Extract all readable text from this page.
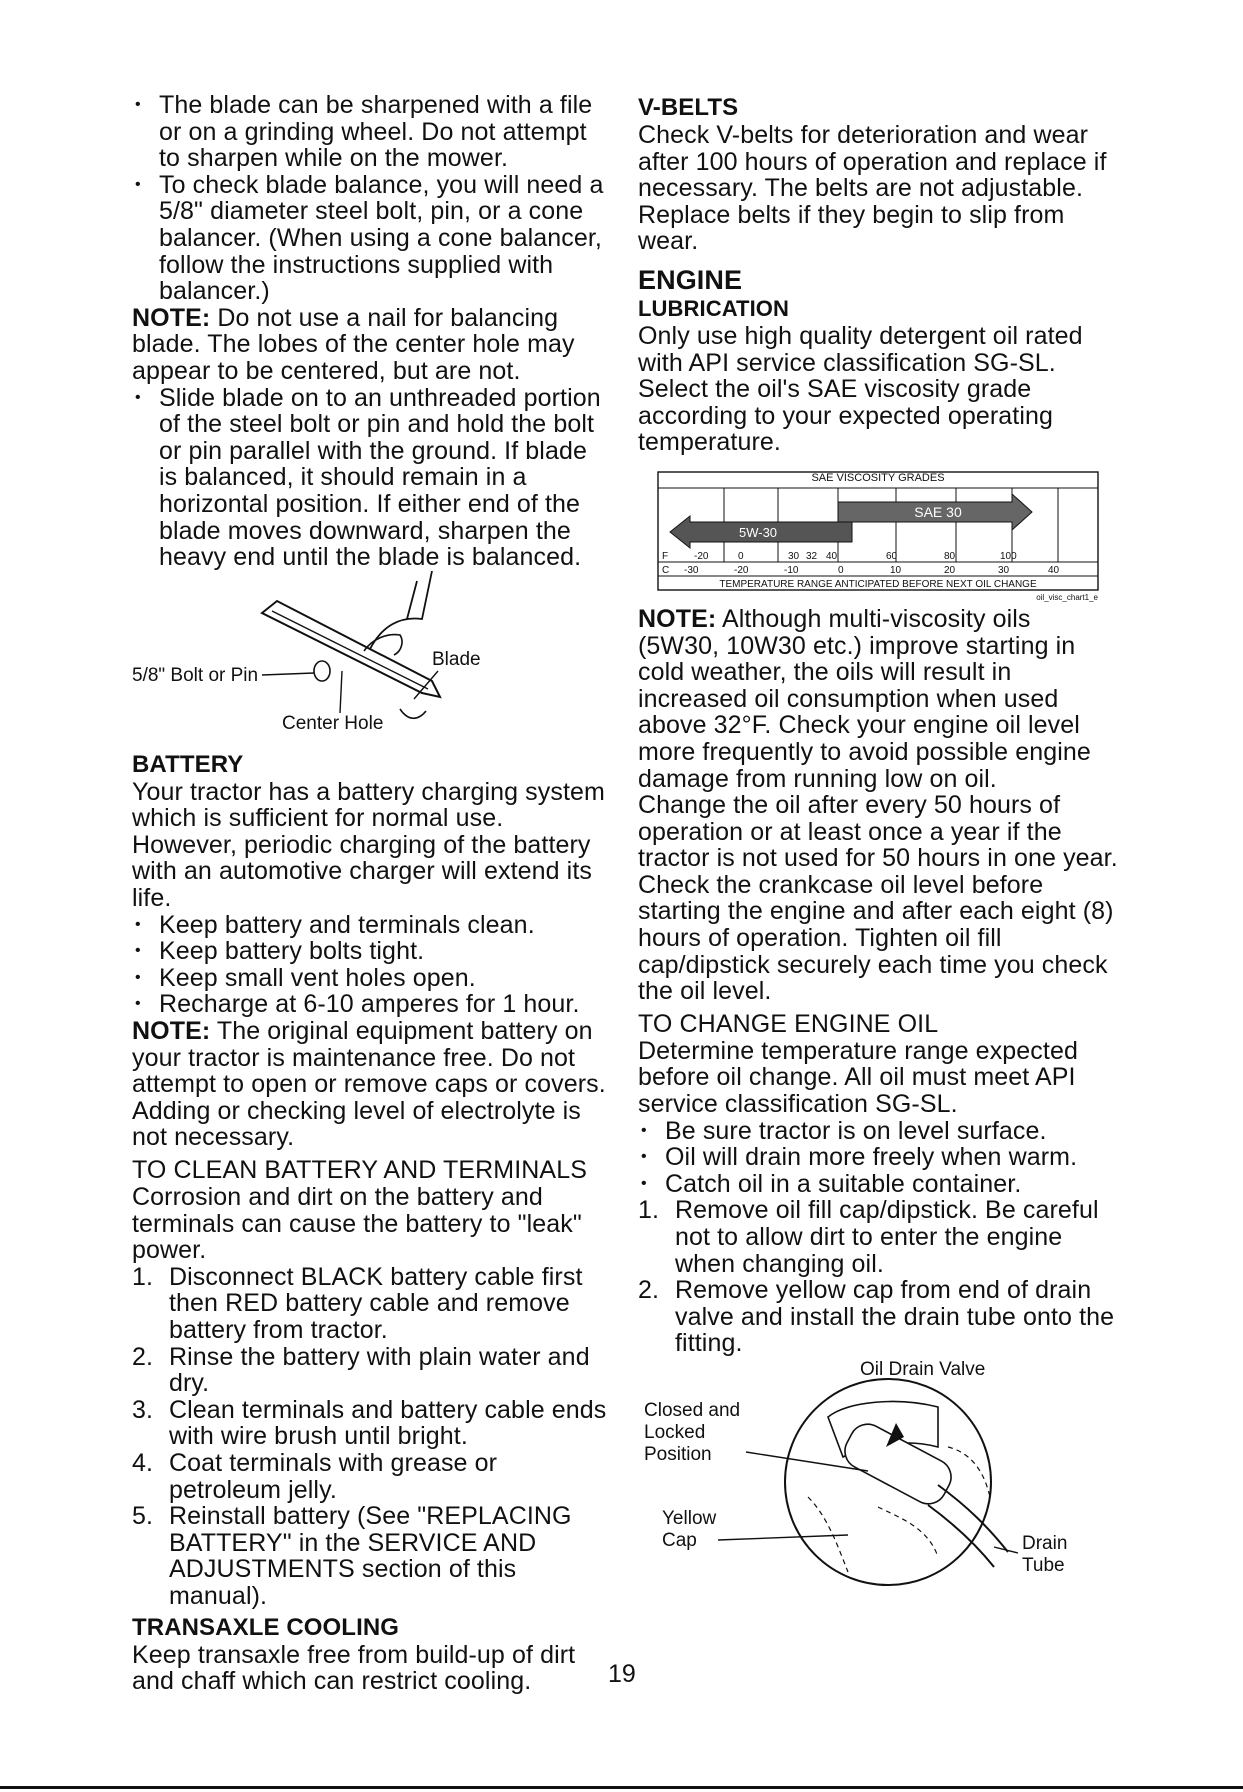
• The blade can be sharpened with a file or on a grinding wheel. Do not attempt to sharpen while on the mower.

• To check blade balance, you will need a 5/8" diameter steel bolt, pin, or a cone balancer. (When using a cone balancer, follow the instructions supplied with balancer.)

NOTE: Do not use a nail for balancing blade. The lobes of the center hole may appear to be centered, but are not.

• Slide blade on to an unthreaded portion of the steel bolt or pin and hold the bolt or pin parallel with the ground. If blade is balanced, it should remain in a horizontal position. If either end of the blade moves downward, sharpen the heavy end until the blade is balanced.

5/8" Bolt or Pin
Blade
Center Hole

BATTERY

Your tractor has a battery charging system which is sufficient for normal use. However, periodic charging of the battery with an automotive charger will extend its life.

• Keep battery and terminals clean.

• Keep battery bolts tight.

• Keep small vent holes open.

• Recharge at 6-10 amperes for 1 hour.

NOTE: The original equipment battery on your tractor is maintenance free. Do not attempt to open or remove caps or covers. Adding or checking level of electrolyte is not necessary.

TO CLEAN BATTERY AND TERMINALS

Corrosion and dirt on the battery and terminals can cause the battery to "leak" power.

1. Disconnect BLACK battery cable first then RED battery cable and remove battery from tractor.

2. Rinse the battery with plain water and dry.

3. Clean terminals and battery cable ends with wire brush until bright.

4. Coat terminals with grease or petroleum jelly.

5. Reinstall battery (See "REPLACING BATTERY" in the SERVICE AND ADJUSTMENTS section of this manual).

TRANSAXLE COOLING

Keep transaxle free from build-up of dirt and chaff which can restrict cooling.

V-BELTS

Check V-belts for deterioration and wear after 100 hours of operation and replace if necessary. The belts are not adjustable. Replace belts if they begin to slip from wear.

ENGINE

LUBRICATION

Only use high quality detergent oil rated with API service classification SG-SL. Select the oil's SAE viscosity grade according to your expected operating temperature.

SAE VISCOSITY GRADES
5W-30
SAE 30
F
C
-20	0	30 32 40	60	80	100
-30	-20	-10	0	10	20	30	40
TEMPERATURE RANGE ANTICIPATED BEFORE NEXT OIL CHANGE
oil_visc_chart1_e

NOTE: Although multi-viscosity oils (5W30, 10W30 etc.) improve starting in cold weather, the oils will result in increased oil consumption when used above 32°F. Check your engine oil level more frequently to avoid possible engine damage from running low on oil.

Change the oil after every 50 hours of operation or at least once a year if the tractor is not used for 50 hours in one year.

Check the crankcase oil level before starting the engine and after each eight (8) hours of operation. Tighten oil fill cap/dipstick securely each time you check the oil level.

TO CHANGE ENGINE OIL

Determine temperature range expected before oil change. All oil must meet API service classification SG-SL.

• Be sure tractor is on level surface.

• Oil will drain more freely when warm.

• Catch oil in a suitable container.

1. Remove oil fill cap/dipstick. Be careful not to allow dirt to enter the engine when changing oil.

2. Remove yellow cap from end of drain valve and install the drain tube onto the fitting.

Oil Drain Valve
Closed and
Locked
Position
Yellow
Cap	Drain
Tube
19
